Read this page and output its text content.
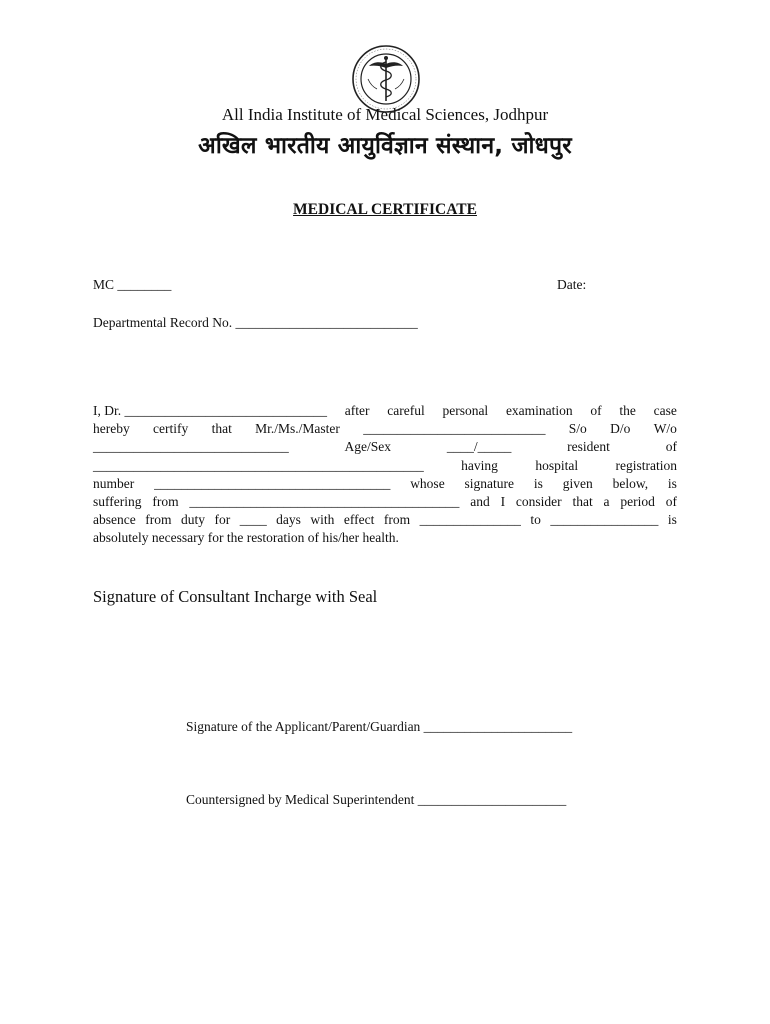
All India Institute of Medical Sciences, Jodhpur
अखिल भारतीय आयुर्विज्ञान संस्थान, जोधपुर
MEDICAL CERTIFICATE
MC ________	Date:
Departmental Record No. ___________________________
I, Dr. ______________________________ after careful personal examination of the case
hereby certify that Mr./Ms./Master ___________________________ S/o D/o W/o
_____________________________	Age/Sex	____/_____	resident	of
_________________________________________________	having	hospital	registration
number ___________________________________ whose signature is given below, is
suffering from ________________________________________ and I consider that a period of
absence from duty for ____ days with effect from _______________ to ________________ is
absolutely necessary for the restoration of his/her health.
Signature of Consultant Incharge with Seal
Signature of the Applicant/Parent/Guardian ______________________
Countersigned by Medical Superintendent ______________________
